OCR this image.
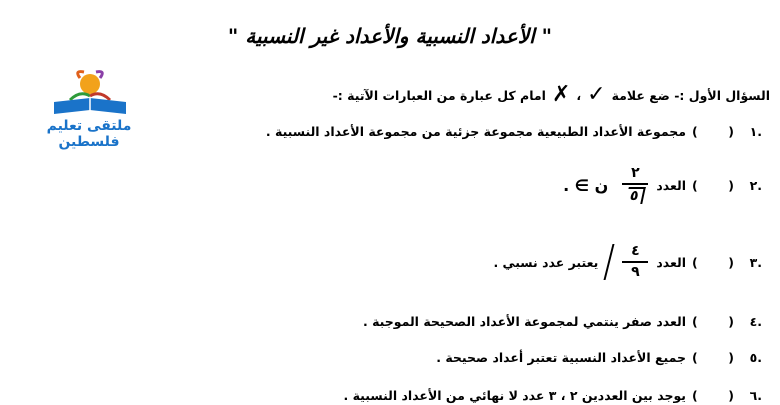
" الأعداد النسبية والأعداد غير النسبية "
ملتقى تعليم فلسطين
السؤال الأول :- ضع علامة
✓
،
✗
امام كل عبارة من العبارات الآتية :-
.١
(
)
مجموعة الأعداد الطبيعية مجموعة جزئية من مجموعة الأعداد النسبية .
.٢
(
)
العدد
$\frac{٢}{٥}$
ن ∋ .
.٣
(
)
العدد
$\frac{٤}{٩}$
يعتبر عدد نسبي .
.٤
(
)
العدد صفر ينتمي لمجموعة الأعداد الصحيحة الموجبة .
.٥
(
)
جميع الأعداد النسبية تعتبر أعداد صحيحة .
.٦
(
)
يوجد بين العددين ٢ ، ٣ عدد لا نهائي من الأعداد النسبية .
